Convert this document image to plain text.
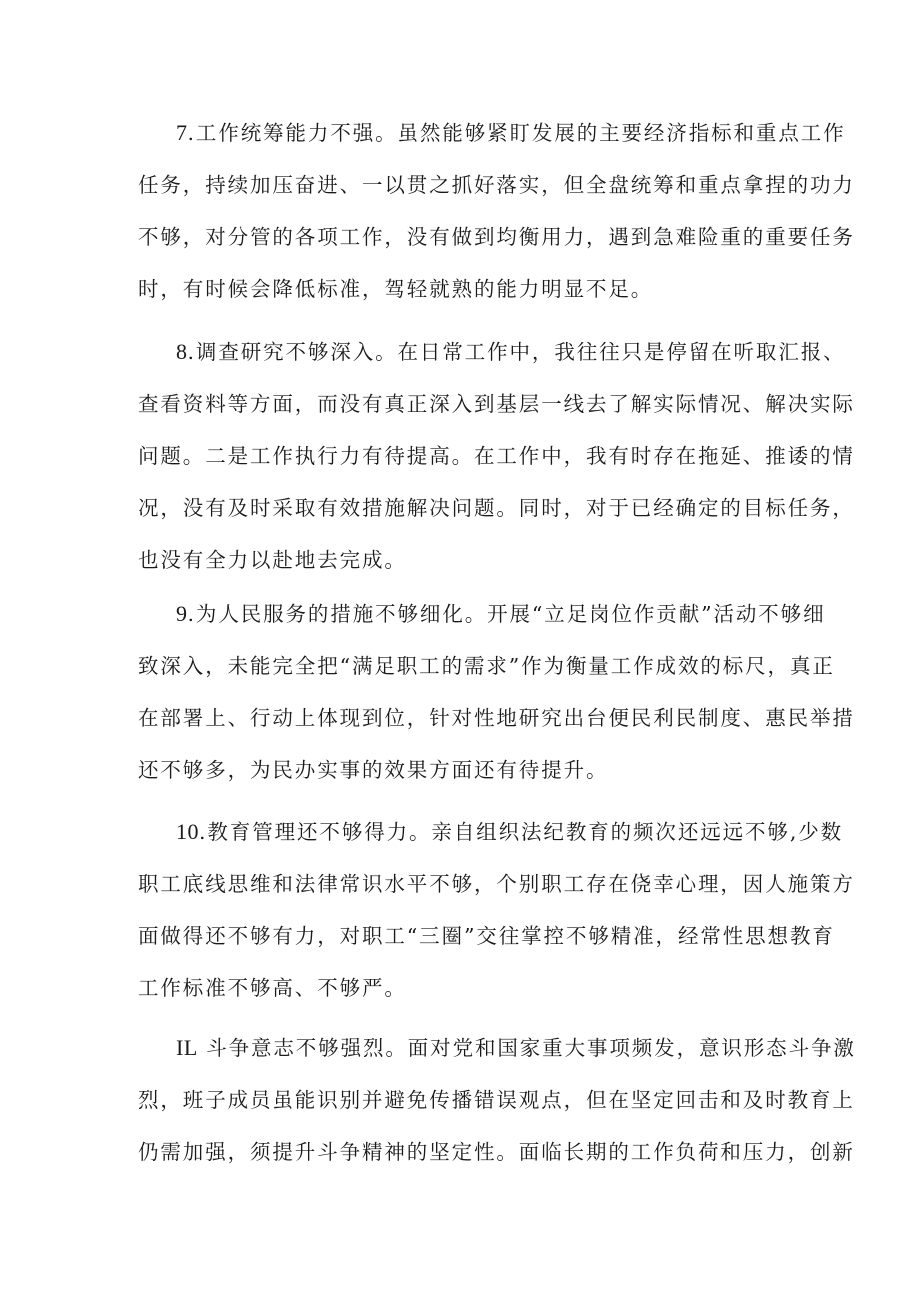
7.工作统筹能力不强。虽然能够紧盯发展的主要经济指标和重点工作
任务，持续加压奋进、一以贯之抓好落实，但全盘统筹和重点拿捏的功力
不够，对分管的各项工作，没有做到均衡用力，遇到急难险重的重要任务
时，有时候会降低标准，驾轻就熟的能力明显不足。
8.调查研究不够深入。在日常工作中，我往往只是停留在听取汇报、
查看资料等方面，而没有真正深入到基层一线去了解实际情况、解决实际
问题。二是工作执行力有待提高。在工作中，我有时存在拖延、推诿的情
况，没有及时采取有效措施解决问题。同时，对于已经确定的目标任务，
也没有全力以赴地去完成。
9.为人民服务的措施不够细化。开展“立足岗位作贡献”活动不够细
致深入，未能完全把“满足职工的需求”作为衡量工作成效的标尺，真正
在部署上、行动上体现到位，针对性地研究出台便民利民制度、惠民举措
还不够多，为民办实事的效果方面还有待提升。
10.教育管理还不够得力。亲自组织法纪教育的频次还远远不够,少数
职工底线思维和法律常识水平不够，个别职工存在侥幸心理，因人施策方
面做得还不够有力，对职工“三圈”交往掌控不够精准，经常性思想教育
工作标准不够高、不够严。
IL 斗争意志不够强烈。面对党和国家重大事项频发，意识形态斗争激
烈，班子成员虽能识别并避免传播错误观点，但在坚定回击和及时教育上
仍需加强，须提升斗争精神的坚定性。面临长期的工作负荷和压力，创新
